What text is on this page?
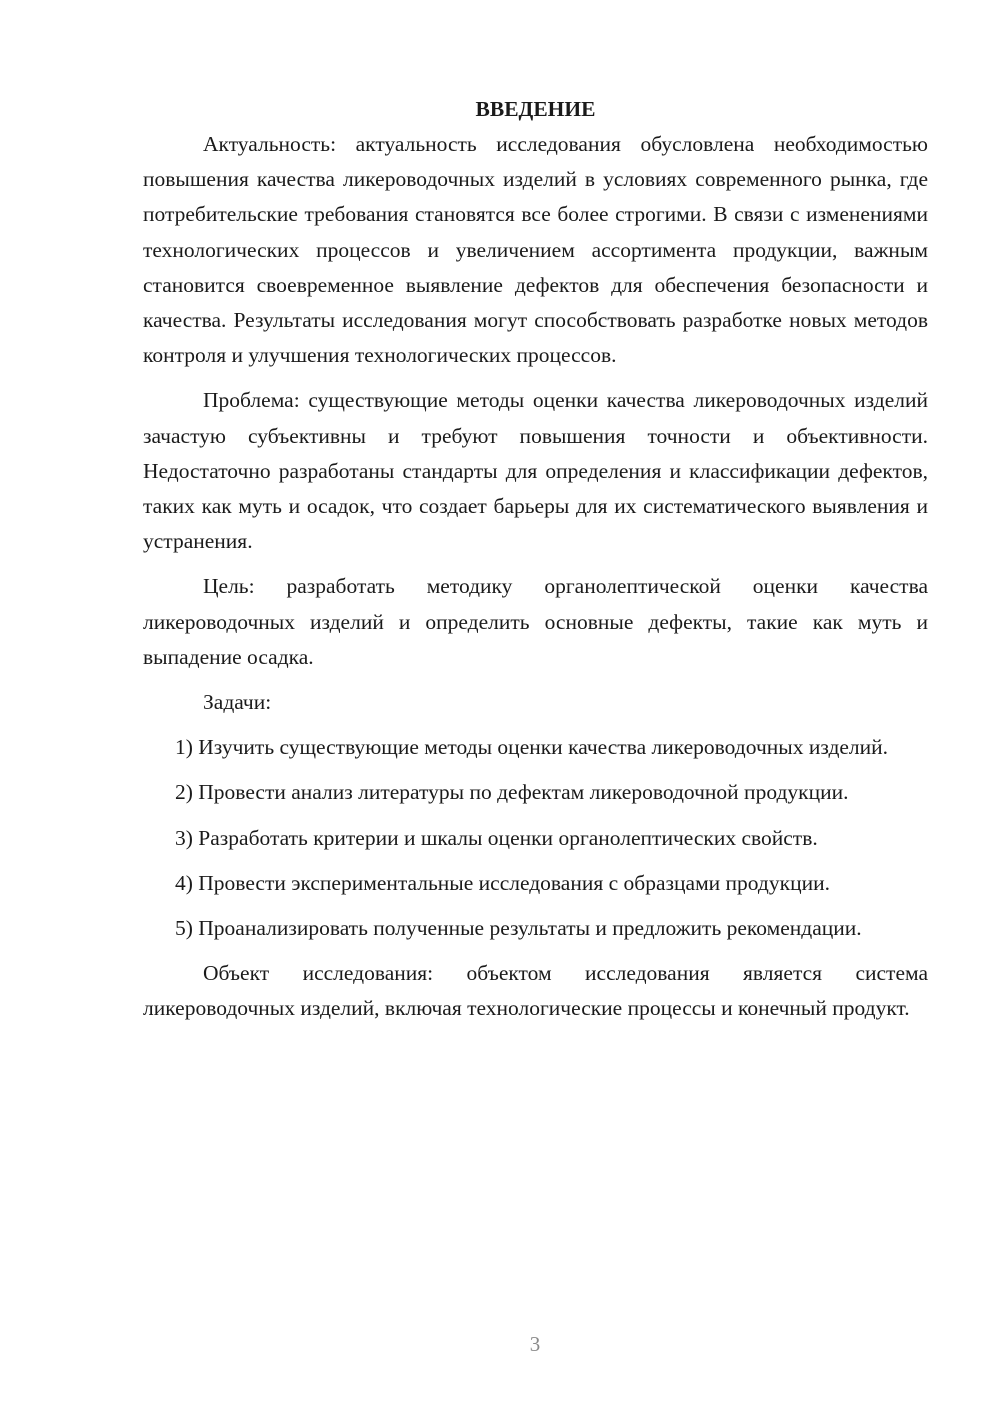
ВВЕДЕНИЕ

Актуальность: актуальность исследования обусловлена необходимостью повышения качества ликероводочных изделий в условиях современного рынка, где потребительские требования становятся все более строгими. В связи с изменениями технологических процессов и увеличением ассортимента продукции, важным становится своевременное выявление дефектов для обеспечения безопасности и качества. Результаты исследования могут способствовать разработке новых методов контроля и улучшения технологических процессов.

Проблема: существующие методы оценки качества ликероводочных изделий зачастую субъективны и требуют повышения точности и объективности. Недостаточно разработаны стандарты для определения и классификации дефектов, таких как муть и осадок, что создает барьеры для их систематического выявления и устранения.

Цель: разработать методику органолептической оценки качества ликероводочных изделий и определить основные дефекты, такие как муть и выпадение осадка.

Задачи:

1) Изучить существующие методы оценки качества ликероводочных изделий.

2) Провести анализ литературы по дефектам ликероводочной продукции.

3) Разработать критерии и шкалы оценки органолептических свойств.

4) Провести экспериментальные исследования с образцами продукции.

5) Проанализировать полученные результаты и предложить рекомендации.

Объект исследования: объектом исследования является система ликероводочных изделий, включая технологические процессы и конечный продукт.

3
